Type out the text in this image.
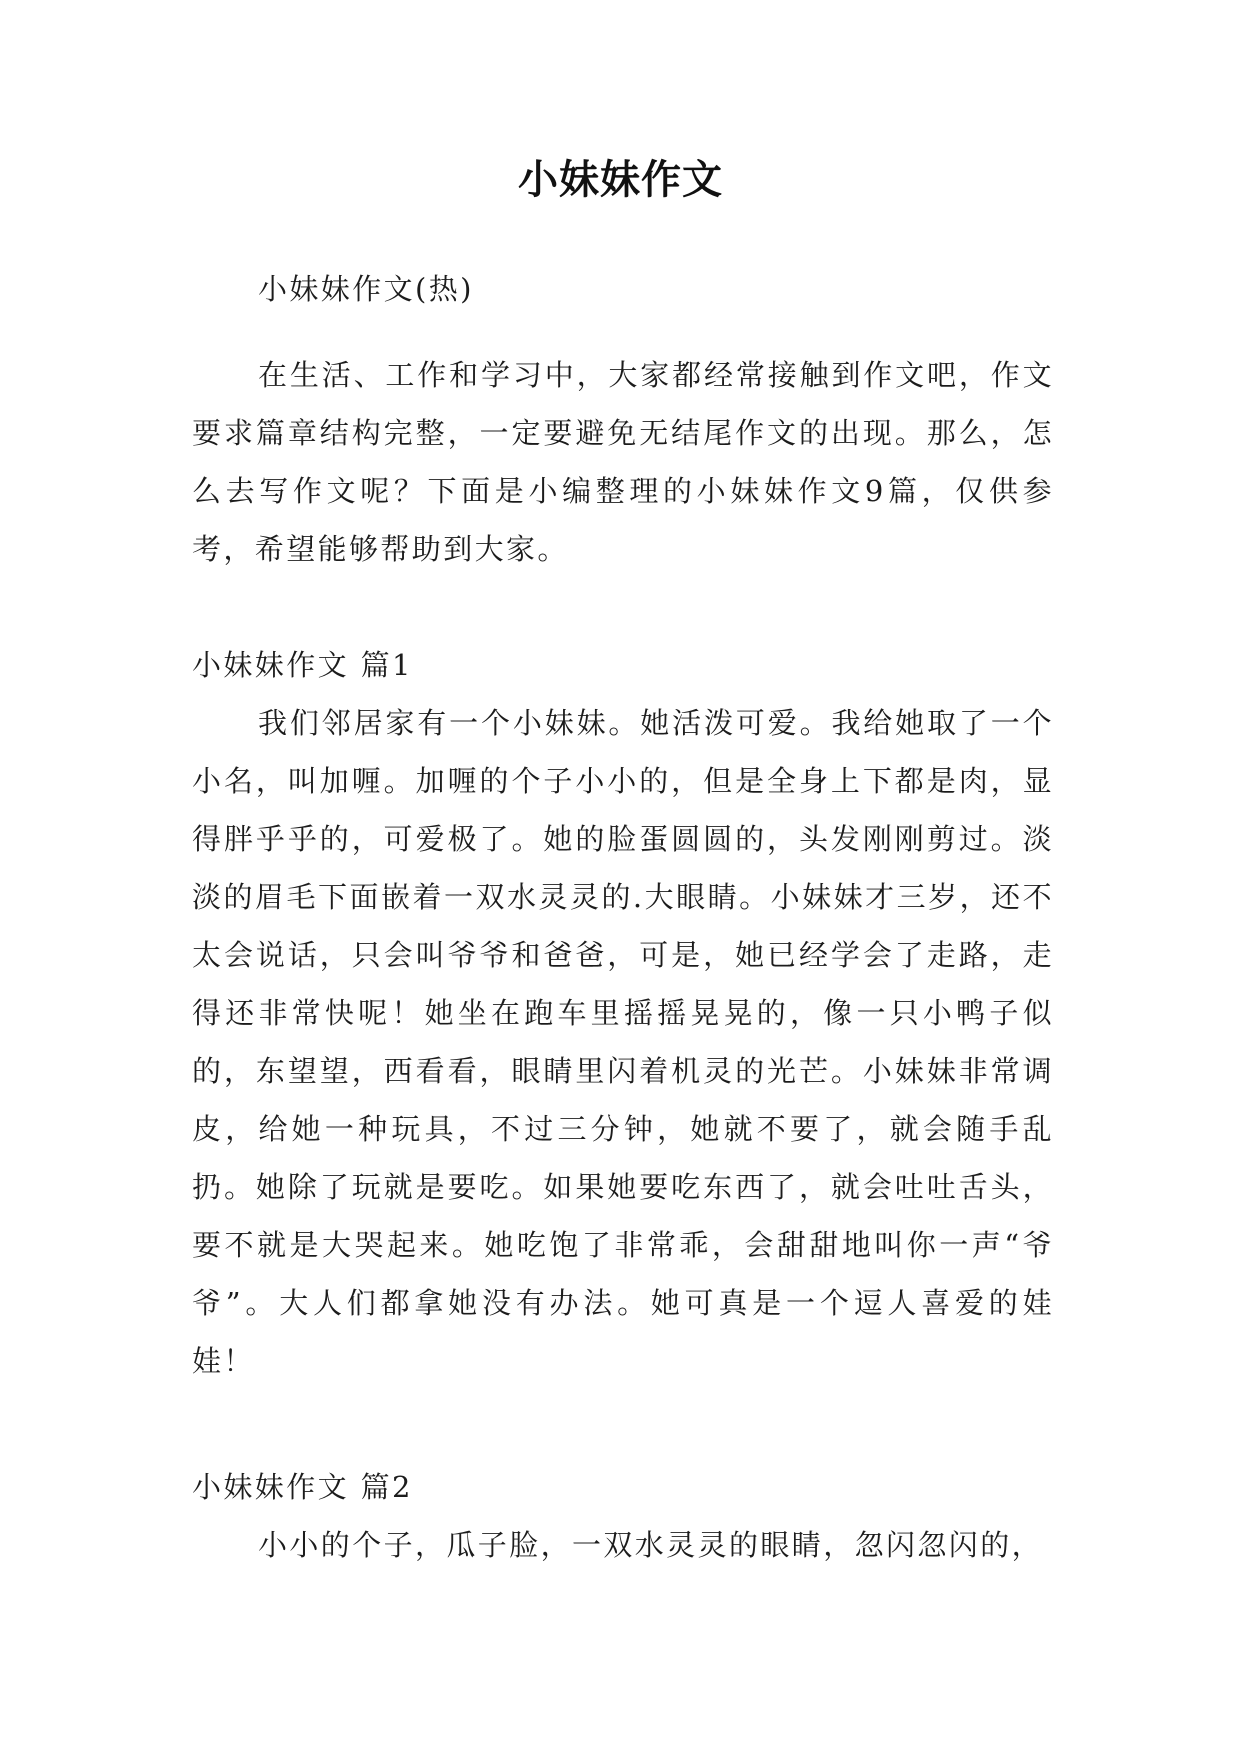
小妹妹作文
小妹妹作文(热)
在生活、工作和学习中，大家都经常接触到作文吧，作文要求篇章结构完整，一定要避免无结尾作文的出现。那么，怎么去写作文呢？下面是小编整理的小妹妹作文9篇，仅供参考，希望能够帮助到大家。
小妹妹作文 篇1
我们邻居家有一个小妹妹。她活泼可爱。我给她取了一个小名，叫加喱。加喱的个子小小的，但是全身上下都是肉，显得胖乎乎的，可爱极了。她的脸蛋圆圆的，头发刚刚剪过。淡淡的眉毛下面嵌着一双水灵灵的.大眼睛。小妹妹才三岁，还不太会说话，只会叫爷爷和爸爸，可是，她已经学会了走路，走得还非常快呢！她坐在跑车里摇摇晃晃的，像一只小鸭子似的，东望望，西看看，眼睛里闪着机灵的光芒。小妹妹非常调皮，给她一种玩具，不过三分钟，她就不要了，就会随手乱扔。她除了玩就是要吃。如果她要吃东西了，就会吐吐舌头，要不就是大哭起来。她吃饱了非常乖，会甜甜地叫你一声“爷爷”。大人们都拿她没有办法。她可真是一个逗人喜爱的娃娃！
小妹妹作文 篇2
小小的个子，瓜子脸，一双水灵灵的眼睛，忽闪忽闪的，
